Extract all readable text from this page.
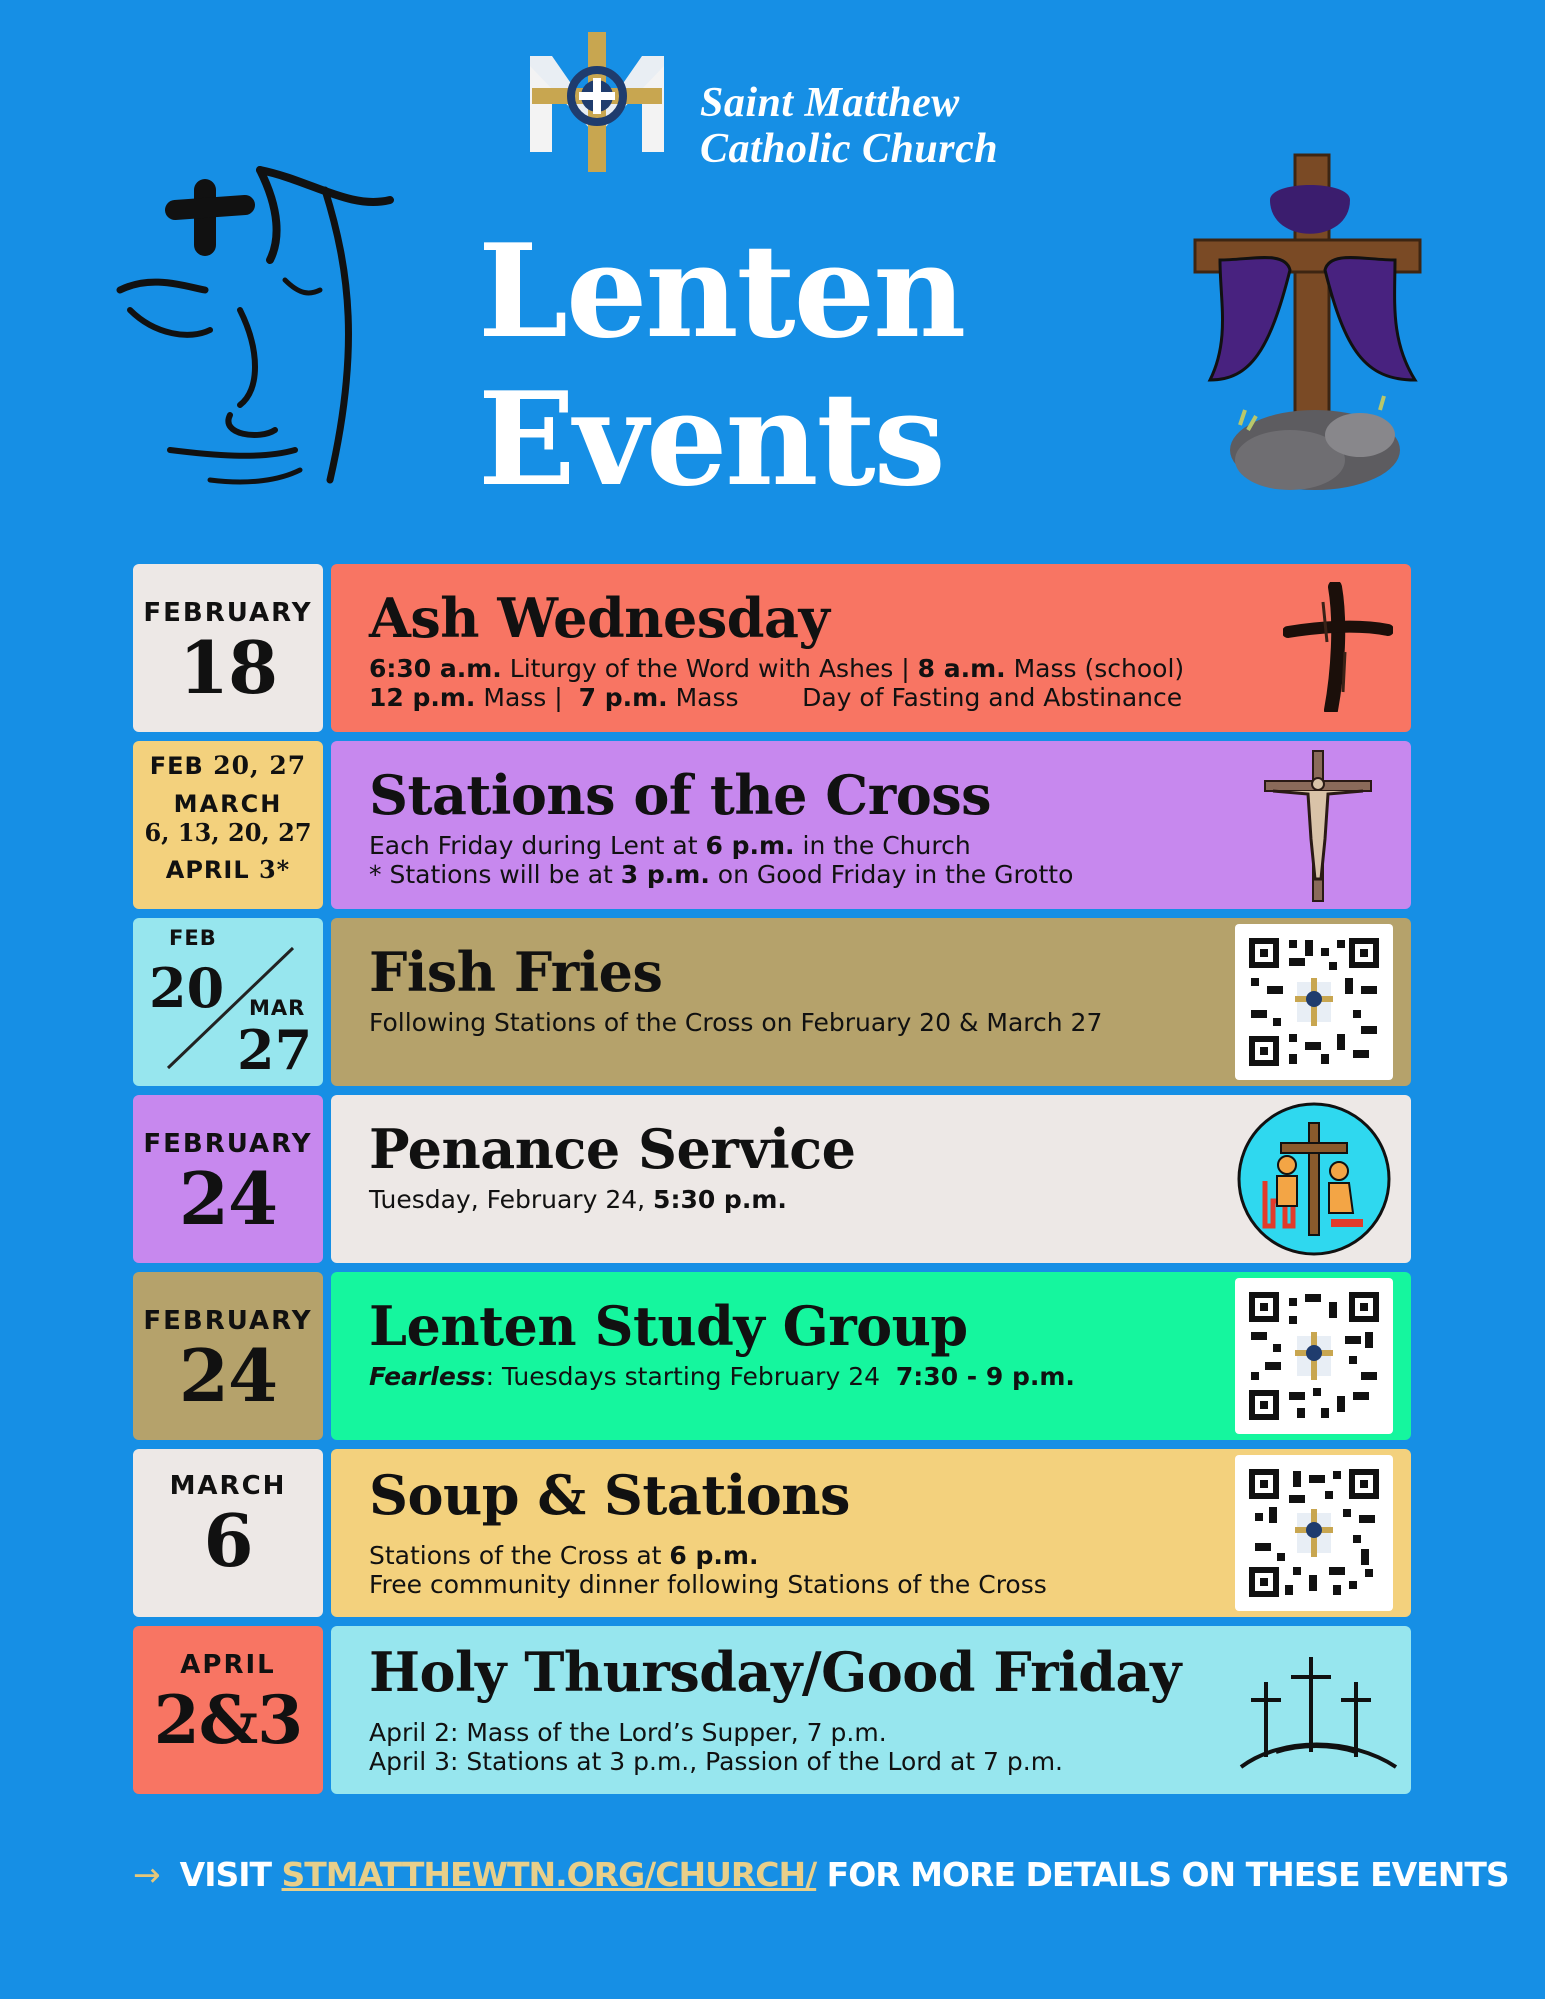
Saint Matthew
Catholic Church
Lenten
Events
FEBRUARY
18
Ash Wednesday
6:30 a.m. Liturgy of the Word with Ashes | 8 a.m. Mass (school)
12 p.m. Mass |  7 p.m. Mass        Day of Fasting and Abstinance
FEB 20, 27
MARCH
6, 13, 20, 27
APRIL 3*
Stations of the Cross
Each Friday during Lent at 6 p.m. in the Church
* Stations will be at 3 p.m. on Good Friday in the Grotto
FEB
20 MAR
27
Fish Fries
Following Stations of the Cross on February 20 & March 27
FEBRUARY
24
Penance Service
Tuesday, February 24, 5:30 p.m.
FEBRUARY
24
Lenten Study Group
Fearless: Tuesdays starting February 24  7:30 - 9 p.m.
MARCH
6
Soup & Stations
Stations of the Cross at 6 p.m.
Free community dinner following Stations of the Cross
APRIL
2&3
Holy Thursday/Good Friday
April 2: Mass of the Lord’s Supper, 7 p.m.
April 3: Stations at 3 p.m., Passion of the Lord at 7 p.m.
→ VISIT STMATTHEWTN.ORG/CHURCH/ FOR MORE DETAILS ON THESE EVENTS
